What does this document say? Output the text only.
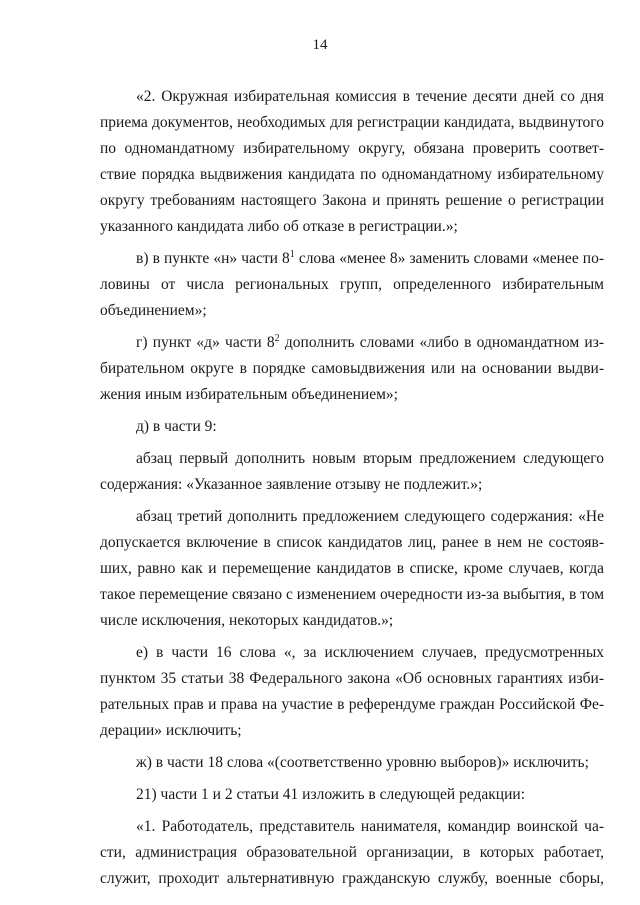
14
«2. Окружная избирательная комиссия в течение десяти дней со дня
приема документов, необходимых для регистрации кандидата, выдвинутого
по одномандатному избирательному округу, обязана проверить соответ-
ствие порядка выдвижения кандидата по одномандатному избирательному
округу требованиям настоящего Закона и принять решение о регистрации
указанного кандидата либо об отказе в регистрации.»;
в) в пункте «н» части $8^1$ слова «менее 8» заменить словами «менее по-
ловины от числа региональных групп, определенного избирательным
объединением»;
г) пункт «д» части $8^2$ дополнить словами «либо в одномандатном из-
бирательном округе в порядке самовыдвижения или на основании выдви-
жения иным избирательным объединением»;
д) в части 9:
абзац первый дополнить новым вторым предложением следующего
содержания: «Указанное заявление отзыву не подлежит.»;
абзац третий дополнить предложением следующего содержания: «Не
допускается включение в список кандидатов лиц, ранее в нем не состояв-
ших, равно как и перемещение кандидатов в списке, кроме случаев, когда
такое перемещение связано с изменением очередности из-за выбытия, в том
числе исключения, некоторых кандидатов.»;
е) в части 16 слова «, за исключением случаев, предусмотренных
пунктом 35 статьи 38 Федерального закона «Об основных гарантиях изби-
рательных прав и права на участие в референдуме граждан Российской Фе-
дерации» исключить;
ж) в части 18 слова «(соответственно уровню выборов)» исключить;
21) части 1 и 2 статьи 41 изложить в следующей редакции:
«1. Работодатель, представитель нанимателя, командир воинской ча-
сти, администрация образовательной организации, в которых работает,
служит, проходит альтернативную гражданскую службу, военные сборы,
